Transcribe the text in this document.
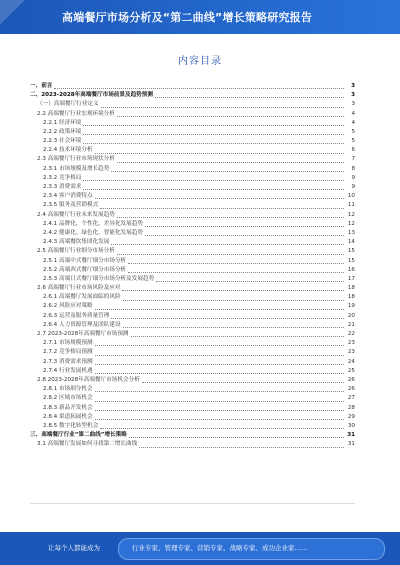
高端餐厅市场分析及“第二曲线”增长策略研究报告
内容目录
一、前言	3
二、2023-2028年高端餐厅市场前景及趋势预测	3
（一）高端餐厅行业定义	3
2.2 高端餐厅行业宏观环境分析	4
2.2.1 经济环境	4
2.2.2 政策环境	5
2.2.3 社会环境	5
2.2.4 技术环境分析	6
2.3 高端餐厅行业市场现状分析	7
2.3.1 市场规模及增长趋势	8
2.3.2 竞争格局	9
2.3.3 消费需求	9
2.3.4 客户消费特点	10
2.3.5 服务及营销模式	11
2.4 高端餐厅行业未来发展趋势	12
2.4.1 品牌化、个性化、差异化发展趋势	12
2.4.2 健康化、绿色化、智能化发展趋势	13
2.4.3 高端餐饮集团化发展	14
2.5 高端餐厅行业细分市场分析	15
2.5.1 高端中式餐厅细分市场分析	15
2.5.2 高端西式餐厅细分市场分析	16
2.5.3 高端日式餐厅细分市场分析及发展趋势	17
2.6 高端餐厅行业市场风险及应对	18
2.6.1 高端餐厅发展面临的风险	18
2.6.2 风险应对策略	19
2.6.3 运营及服务质量管理	20
2.6.4 人力资源管理及团队建设	21
2.7 2023-2028年高端餐厅市场预测	22
2.7.1 市场规模预测	23
2.7.2 竞争格局预测	23
2.7.3 消费需求预测	24
2.7.4 行业发展机遇	25
2.8 2023-2028年高端餐厅市场机会分析	26
2.8.1 市场细分机会	26
2.8.2 区域市场机会	27
2.8.3 新品开发机会	28
2.8.4 渠道拓展机会	29
2.8.5 数字化转型机会	30
三、高端餐厅行业“第二曲线”增长策略	31
3.1 高端餐厅发展如何寻找第二增长曲线	31
让每个人都能成为	行业专家、管理专家、营销专家、战略专家、成功企业家……
